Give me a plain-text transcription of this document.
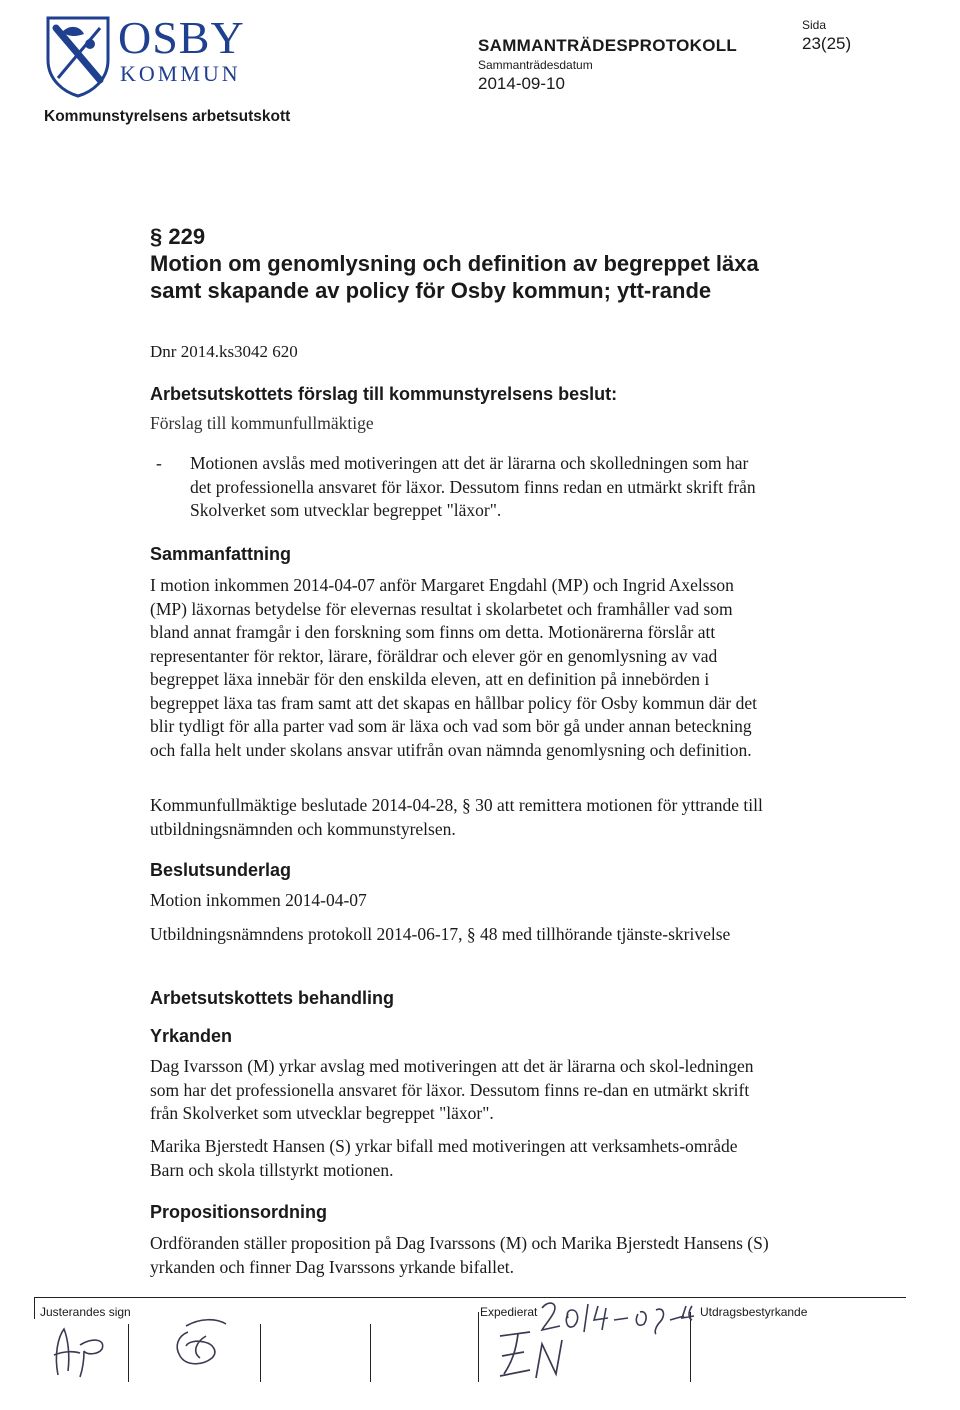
OSBY
KOMMUN
SAMMANTRÄDESPROTOKOLL
Sammanträdesdatum
2014-09-10
Sida
23(25)
Kommunstyrelsens arbetsutskott
§ 229
Motion om genomlysning och definition av begreppet läxa samt skapande av policy för Osby kommun; ytt-rande
Dnr 2014.ks3042 620
Arbetsutskottets förslag till kommunstyrelsens beslut:
Förslag till kommunfullmäktige
- Motionen avslås med motiveringen att det är lärarna och skolledningen som har det professionella ansvaret för läxor. Dessutom finns redan en utmärkt skrift från Skolverket som utvecklar begreppet "läxor".
Sammanfattning
I motion inkommen 2014-04-07 anför Margaret Engdahl (MP) och Ingrid Axelsson (MP) läxornas betydelse för elevernas resultat i skolarbetet och framhåller vad som bland annat framgår i den forskning som finns om detta. Motionärerna förslår att representanter för rektor, lärare, föräldrar och elever gör en genomlysning av vad begreppet läxa innebär för den enskilda eleven, att en definition på innebörden i begreppet läxa tas fram samt att det skapas en hållbar policy för Osby kommun där det blir tydligt för alla parter vad som är läxa och vad som bör gå under annan beteckning och falla helt under skolans ansvar utifrån ovan nämnda genomlysning och definition.
Kommunfullmäktige beslutade 2014-04-28, § 30 att remittera motionen för yttrande till utbildningsnämnden och kommunstyrelsen.
Beslutsunderlag
Motion inkommen 2014-04-07
Utbildningsnämndens protokoll 2014-06-17, § 48 med tillhörande tjänste-skrivelse
Arbetsutskottets behandling
Yrkanden
Dag Ivarsson (M) yrkar avslag med motiveringen att det är lärarna och skol-ledningen som har det professionella ansvaret för läxor. Dessutom finns re-dan en utmärkt skrift från Skolverket som utvecklar begreppet "läxor".
Marika Bjerstedt Hansen (S) yrkar bifall med motiveringen att verksamhets-område Barn och skola tillstyrkt motionen.
Propositionsordning
Ordföranden ställer proposition på Dag Ivarssons (M) och Marika Bjerstedt Hansens (S) yrkanden och finner Dag Ivarssons yrkande bifallet.
Justerandes sign	Expedierat	Utdragsbestyrkande
